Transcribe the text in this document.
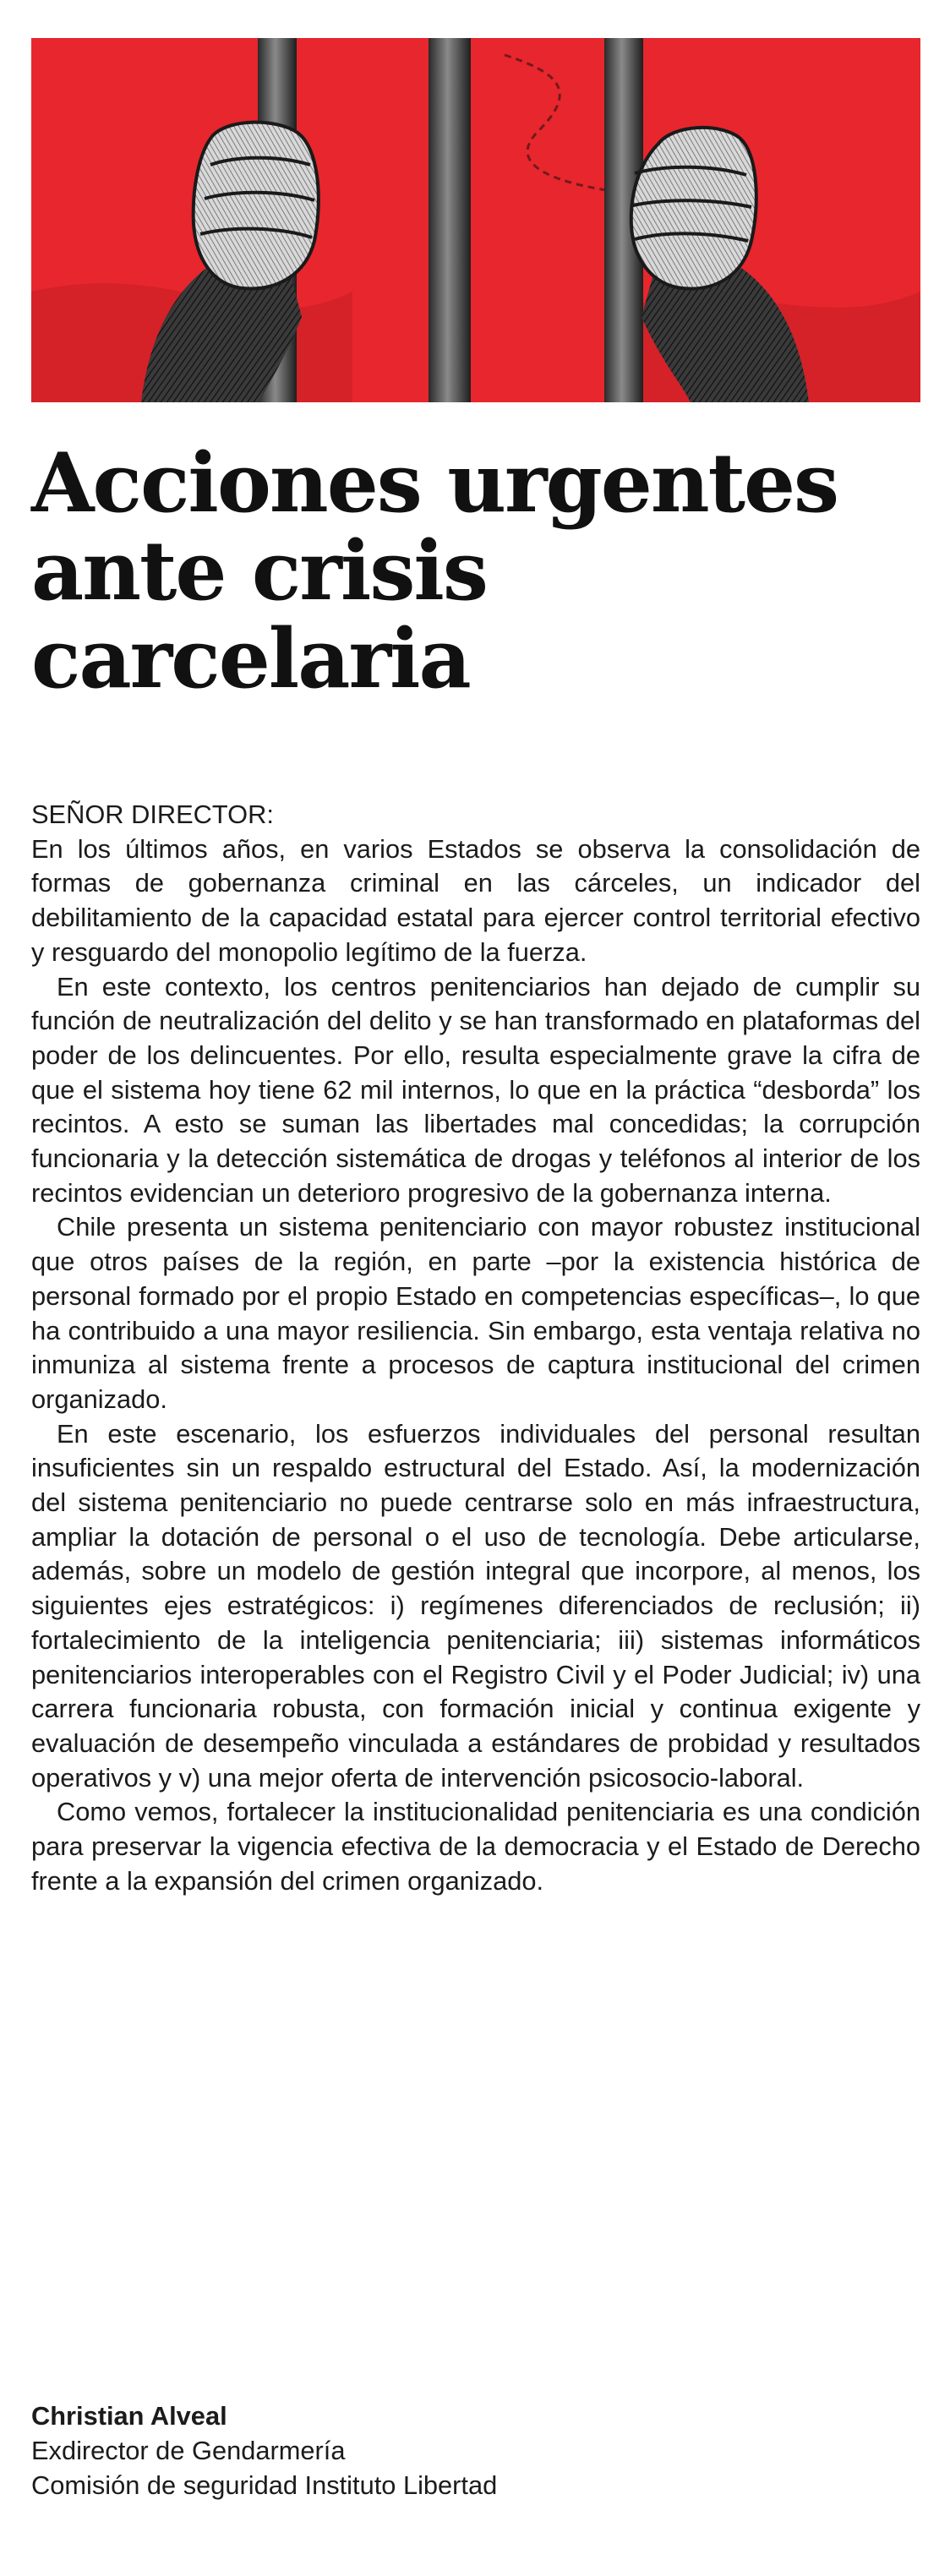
Acciones urgentes
ante crisis
carcelaria
SEÑOR DIRECTOR:

En los últimos años, en varios Estados se observa la consolidación de formas de gobernanza criminal en las cárceles, un indicador del debilitamiento de la capacidad estatal para ejercer control territorial efectivo y resguardo del monopolio legítimo de la fuerza.

En este contexto, los centros penitenciarios han dejado de cumplir su función de neutralización del delito y se han transformado en plataformas del poder de los delincuentes. Por ello, resulta especialmente grave la cifra de que el sistema hoy tiene 62 mil internos, lo que en la práctica “desborda” los recintos. A esto se suman las libertades mal concedidas; la corrupción funcionaria y la detección sistemática de drogas y teléfonos al interior de los recintos evidencian un deterioro progresivo de la gobernanza interna.

Chile presenta un sistema penitenciario con mayor robustez institucional que otros países de la región, en parte –por la existencia histórica de personal formado por el propio Estado en competencias específicas–, lo que ha contribuido a una mayor resiliencia. Sin embargo, esta ventaja relativa no inmuniza al sistema frente a procesos de captura institucional del crimen organizado.

En este escenario, los esfuerzos individuales del personal resultan insuficientes sin un respaldo estructural del Estado. Así, la modernización del sistema penitenciario no puede centrarse solo en más infraestructura, ampliar la dotación de personal o el uso de tecnología. Debe articularse, además, sobre un modelo de gestión integral que incorpore, al menos, los siguientes ejes estratégicos: i) regímenes diferenciados de reclusión; ii) fortalecimiento de la inteligencia penitenciaria; iii) sistemas informáticos penitenciarios interoperables con el Registro Civil y el Poder Judicial; iv) una carrera funcionaria robusta, con formación inicial y continua exigente y evaluación de desempeño vinculada a estándares de probidad y resultados operativos y v) una mejor oferta de intervención psicosocio-laboral.

Como vemos, fortalecer la institucionalidad penitenciaria es una condición para preservar la vigencia efectiva de la democracia y el Estado de Derecho frente a la expansión del crimen organizado.

Christian Alveal
Exdirector de Gendarmería
Comisión de seguridad Instituto Libertad
